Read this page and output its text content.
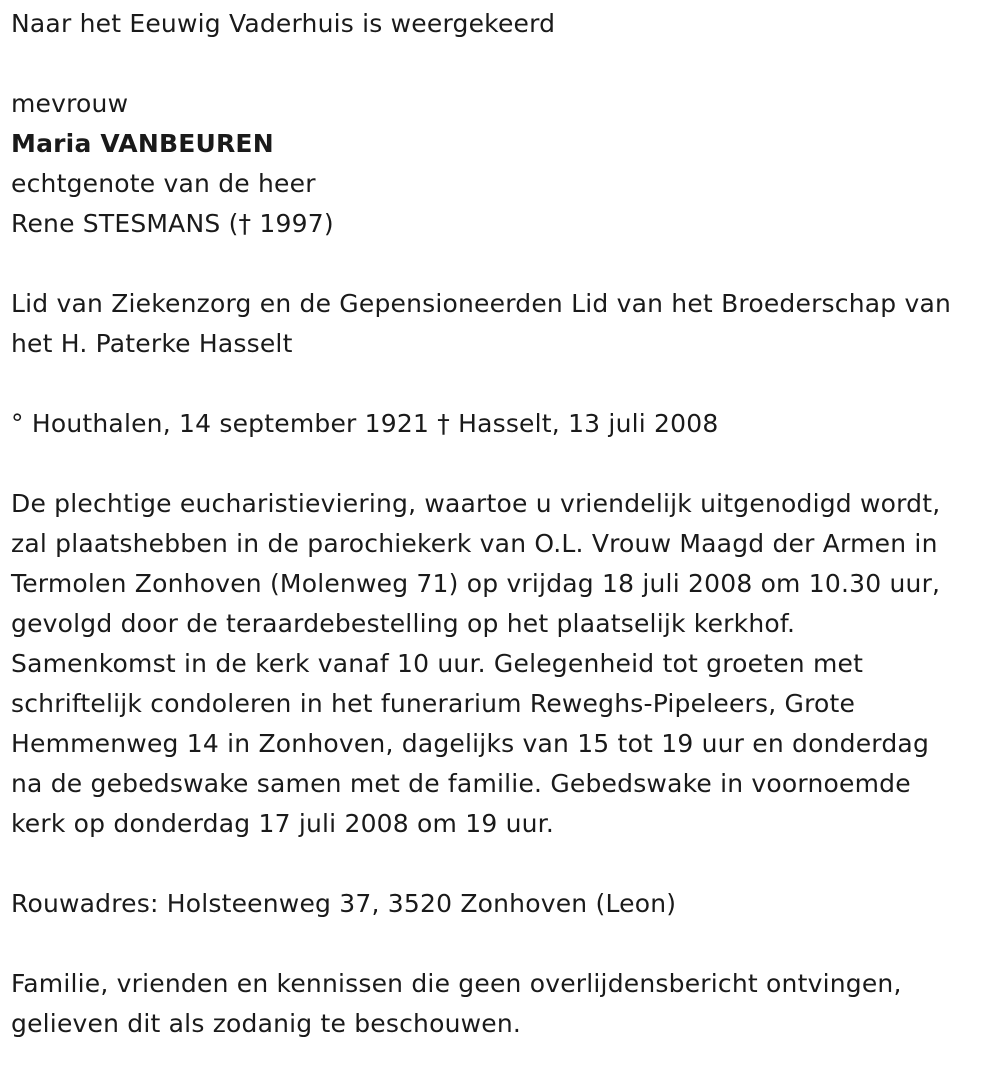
Naar het Eeuwig Vaderhuis is weergekeerd
mevrouw
Maria VANBEUREN
echtgenote van de heer
Rene STESMANS († 1997)
Lid van Ziekenzorg en de Gepensioneerden Lid van het Broederschap van
het H. Paterke Hasselt
° Houthalen, 14 september 1921 † Hasselt, 13 juli 2008
De plechtige eucharistieviering, waartoe u vriendelijk uitgenodigd wordt,
zal plaatshebben in de parochiekerk van O.L. Vrouw Maagd der Armen in
Termolen Zonhoven (Molenweg 71) op vrijdag 18 juli 2008 om 10.30 uur,
gevolgd door de teraardebestelling op het plaatselijk kerkhof.
Samenkomst in de kerk vanaf 10 uur. Gelegenheid tot groeten met
schriftelijk condoleren in het funerarium Reweghs-Pipeleers, Grote
Hemmenweg 14 in Zonhoven, dagelijks van 15 tot 19 uur en donderdag
na de gebedswake samen met de familie. Gebedswake in voornoemde
kerk op donderdag 17 juli 2008 om 19 uur.
Rouwadres: Holsteenweg 37, 3520 Zonhoven (Leon)
Familie, vrienden en kennissen die geen overlijdensbericht ontvingen,
gelieven dit als zodanig te beschouwen.
